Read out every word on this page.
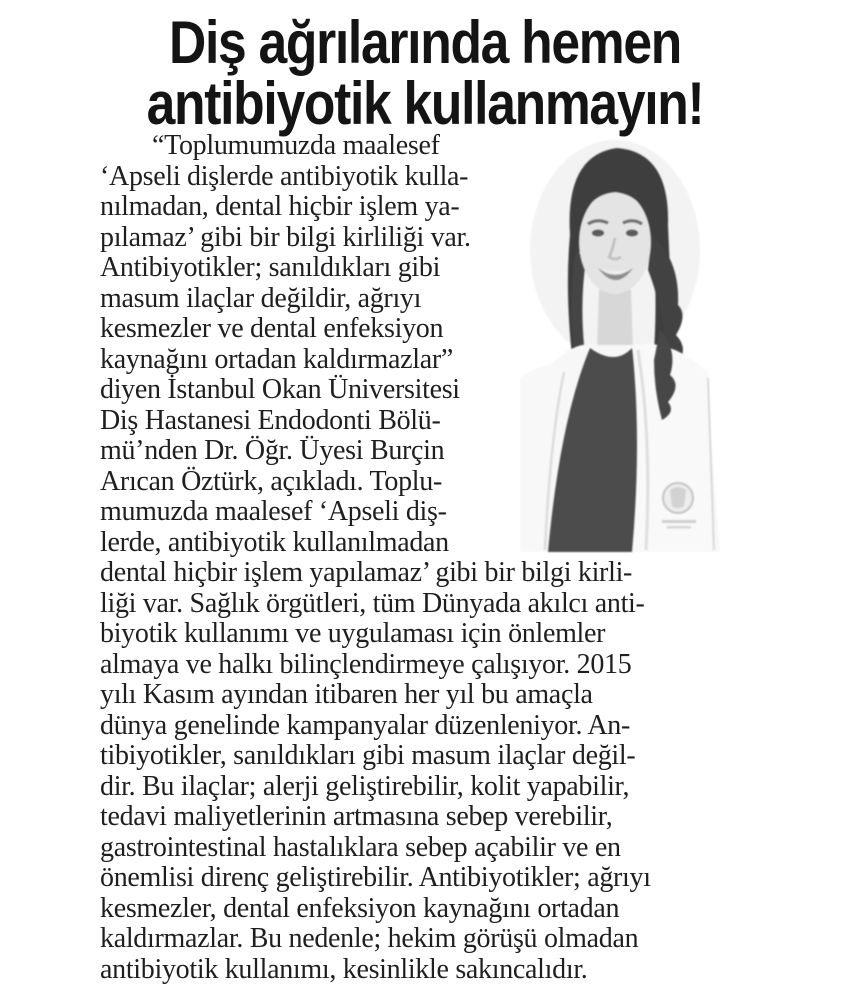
Diş ağrılarında hemen
antibiyotik kullanmayın!
“Toplumumuzda maalesef
‘Apseli dişlerde antibiyotik kulla-
nılmadan, dental hiçbir işlem ya-
pılamaz’ gibi bir bilgi kirliliği var.
Antibiyotikler; sanıldıkları gibi
masum ilaçlar değildir, ağrıyı
kesmezler ve dental enfeksiyon
kaynağını ortadan kaldırmazlar”
diyen İstanbul Okan Üniversitesi
Diş Hastanesi Endodonti Bölü-
mü’nden Dr. Öğr. Üyesi Burçin
Arıcan Öztürk, açıkladı. Toplu-
mumuzda maalesef ‘Apseli diş-
lerde, antibiyotik kullanılmadan
dental hiçbir işlem yapılamaz’ gibi bir bilgi kirli-
liği var. Sağlık örgütleri, tüm Dünyada akılcı anti-
biyotik kullanımı ve uygulaması için önlemler
almaya ve halkı bilinçlendirmeye çalışıyor. 2015
yılı Kasım ayından itibaren her yıl bu amaçla
dünya genelinde kampanyalar düzenleniyor. An-
tibiyotikler, sanıldıkları gibi masum ilaçlar değil-
dir. Bu ilaçlar; alerji geliştirebilir, kolit yapabilir,
tedavi maliyetlerinin artmasına sebep verebilir,
gastrointestinal hastalıklara sebep açabilir ve en
önemlisi direnç geliştirebilir. Antibiyotikler; ağrıyı
kesmezler, dental enfeksiyon kaynağını ortadan
kaldırmazlar. Bu nedenle; hekim görüşü olmadan
antibiyotik kullanımı, kesinlikle sakıncalıdır.
